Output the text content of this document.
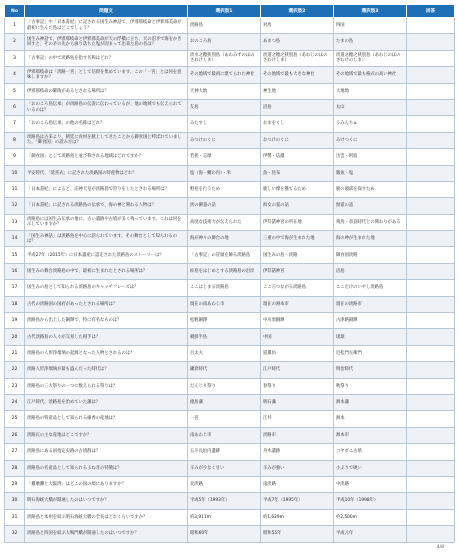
No	問題文	選択肢1	選択肢2	選択肢3	回答
1	「古事記」や「日本書紀」に記される国生み神話で、伊邪那岐命と伊邪那美命が最初に生んだ島はどこでしょう？	淡路島	対馬	四国	
2	国生み神話で、伊邪那岐命と伊邪那美命が天の浮橋に立ち、天の沼矛で海をかき回すと、その矛の先から滴り落ちた塩が固まって出来た島の名は？	おのころ島	あまつ島	たまの島	
3	「古事記」の中で淡路島を指す名称はどれ？	淡水之穂狭別島（あわみずのほのさわけしま）	淡道之穂之狭別島（あわじのほのさわけしま）	淡道之穂之狭別島（あわじのほのさわけのしま）	
4	伊邪那岐命は「淡路一宮」として信仰を集めています。この「一宮」とは何を意味しますか？	その地域で最初に建てられた神社	その地域で最も大きな神社	その地域で最も格式の高い神社	
5	伊邪那岐命の御陵があるとされる場所は？	天神大地	神生地	大地地	
6	「おのころ島伝承」が淡路島の伝説に伝わっているが、他の地域でも伝えられているのは？	友島	沼島	丸山	
7	「おのころ島伝承」の他の名称はどれ？	みたすし	おまをくし	うみんちゅ	
8	淡路島は古来より、朝廷に食材を献上してきたことから御食国と呼ばれていました。「御食国」の読み方は？	みつけのくに	おつけのくに	みけつくに	
9	「御食国」として淡路島と並び称される地域はどれですか？	若狭・志摩	伊勢・信濃	出雲・阿波	
10	平安時代、「延喜式」に記された淡路国の特産物はどれ？	塩（海・鯛の内）・米	魚・昆布	雑魚・塩	
11	「日本書紀」によると、応神天皇が淡路島で狩りをしたとされる場所は？	野島を行うため	鹿しい摩を獲てるため	鹿の頭部を探すため	
12	「日本書紀」に記される淡路島の伝承で、海の神と関わる人物は？	淡の御霊の話	海女の霊の話	無霊の話	
13	淡路島には国生み伝承の他に、古い遺跡や古墳が多く残っています。これは何を示していますか？	高度な技術力が伝えられた	伊弉諾神宮の所在地	飛鳥・奈良時代との関わりがある	
14	「国生み神話」は淡路島を中心に語られています。その舞台として知られるのは？	海が神々の舞台の地	三重の中で海が生まれた地	海の神が生まれた地	
15	平成27年（2015年）に日本遺産に認定された淡路島のストーリーは？	「古事記」の冒頭を飾る淡路島	国生みの島・淡路	御食国淡路	
16	国生みの舞台淡路島の中で、最初に生まれたとされる場所は？	絵島をはじめとする淡路島の沿岸	伊弉諾神宮	沼島	
17	国生みの島として知られる淡路島のキャッチフレーズは？	ここはじまる淡路島	こころつながる淡路島	ここだけのいやし淡路島	
18	古代の淡路国の国府があったとされる場所は？	現在の南あわじ市	現在の洲本市	現在の淡路市	
19	淡路島から出土した銅鐸で、特に有名なものは？	松帆銅鐸	中川原銅鐸	古津路銅鐸	
20	古代淡路島の人々が交易した相手は？	朝鮮半島	中国	琉球	
21	淡路島の人形浄瑠璃の起源となった人物とされるのは？	百太夫	道薫坊	近松門左衛門	
22	淡路人形浄瑠璃が最も盛んだった時代は？	鎌倉時代	江戸時代	明治時代	
23	淡路島の三大祭りの一つに数えられる祭りは？	だんじり祭り	春祭り	秋祭り	
24	江戸時代、淡路島を治めていた藩は？	徳島藩	明石藩	洲本藩	
25	淡路島の特産品として知られる線香の産地は？	一宮	江井	洲本	
26	淡路瓦の主な産地はどこですか？	南あわじ市	淡路市	洲本市	
27	淡路島にある国指定史跡の古墳群は？	五斗長垣内遺跡	舟木遺跡	コヤダニ古墳	
28	淡路島の名産品として知られる玉ねぎの特徴は？	辛みが少なく甘い	辛みが強い	小ぶりで硬い	
29	「播磨灘と大阪湾」はどこの国の境にありますか？	北淡路	南淡路	中淡路	
30	明石海峡大橋が開通したのはいつですか？	平成5年（1993年）	平成7年（1995年）	平成10年（1998年）	
31	淡路島と本州を結ぶ明石海峡大橋の全長はどれくらいですか？	約3,911m	約1,629m	約2,500m	
32	淡路島と四国を結ぶ大鳴門橋が開通したのはいつですか？	昭和60年	昭和55年	平成元年	
4/8
